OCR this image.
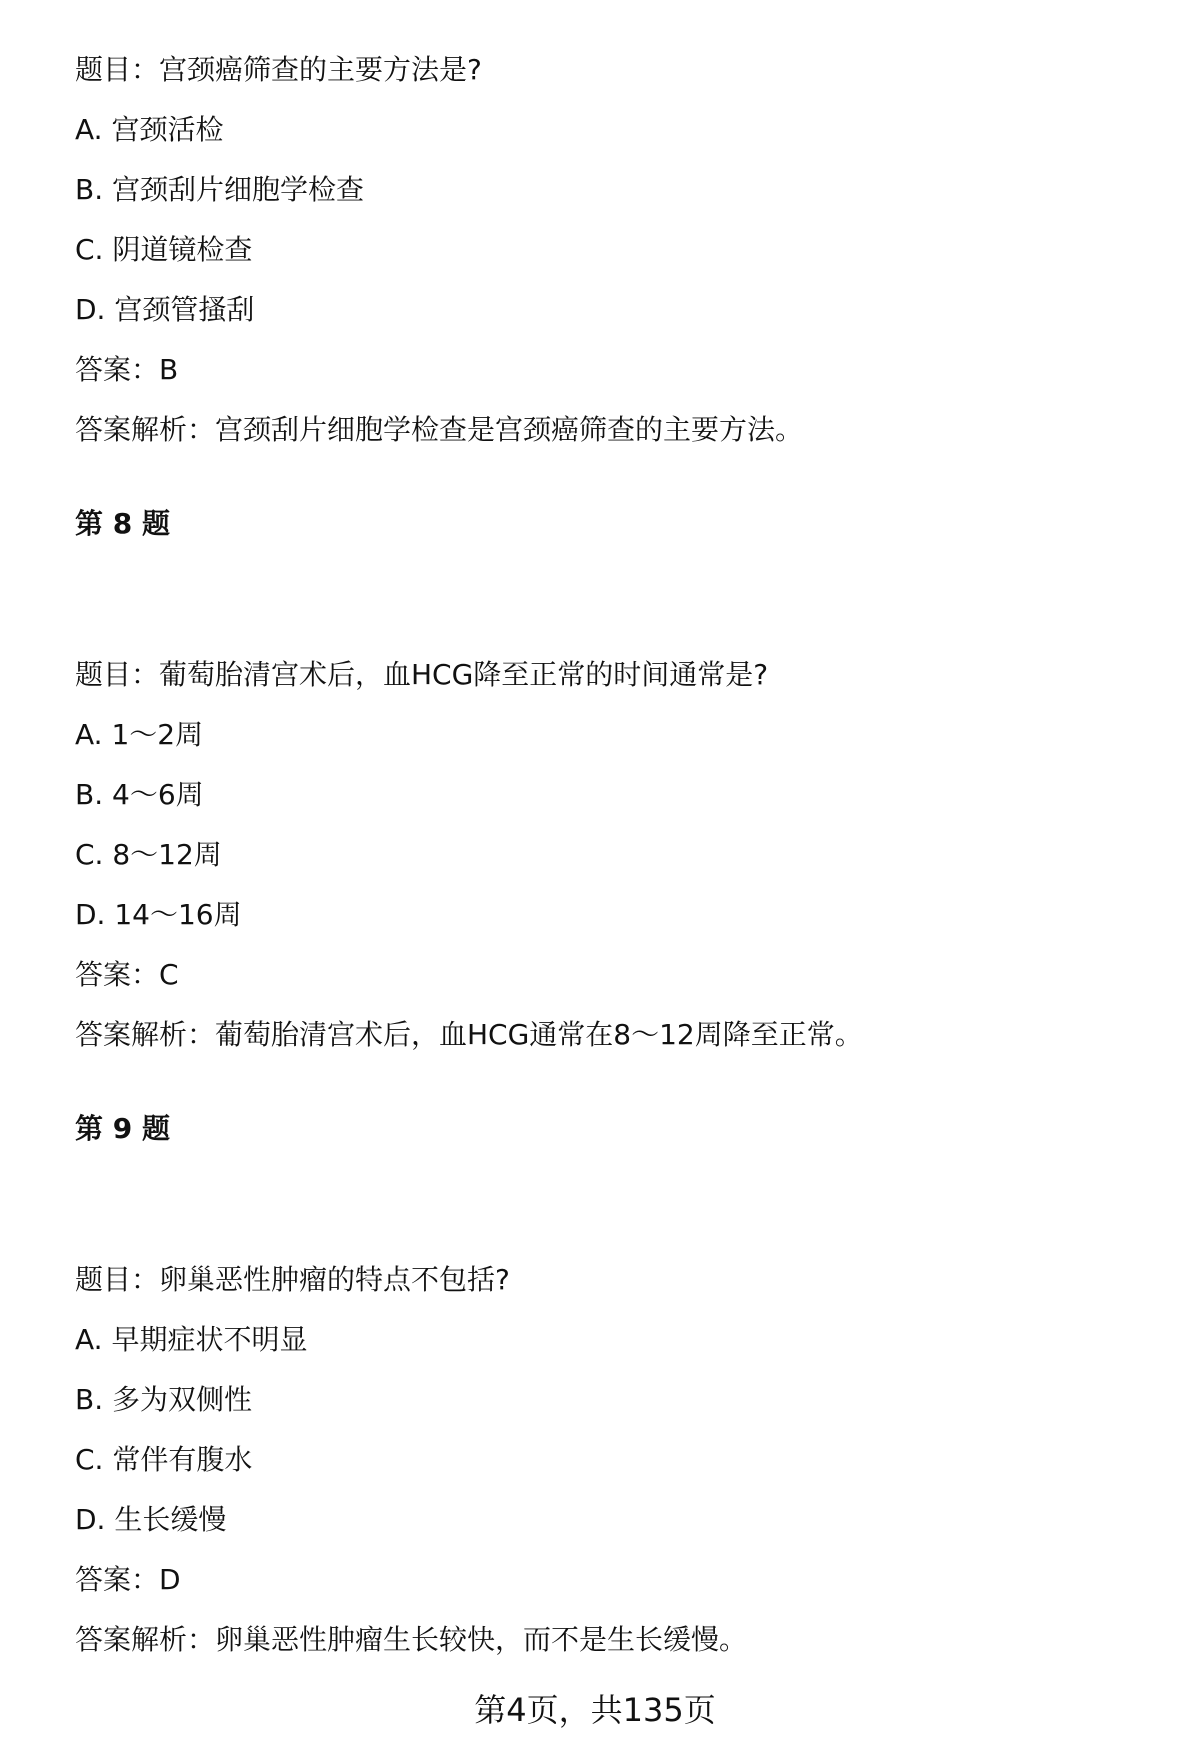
题目：宫颈癌筛查的主要方法是?
A. 宫颈活检
B. 宫颈刮片细胞学检查
C. 阴道镜检查
D. 宫颈管搔刮
答案：B
答案解析：宫颈刮片细胞学检查是宫颈癌筛查的主要方法。
第 8 题
题目：葡萄胎清宫术后，血HCG降至正常的时间通常是?
A. 1～2周
B. 4～6周
C. 8～12周
D. 14～16周
答案：C
答案解析：葡萄胎清宫术后，血HCG通常在8～12周降至正常。
第 9 题
题目：卵巢恶性肿瘤的特点不包括?
A. 早期症状不明显
B. 多为双侧性
C. 常伴有腹水
D. 生长缓慢
答案：D
答案解析：卵巢恶性肿瘤生长较快，而不是生长缓慢。
第4页，共135页
